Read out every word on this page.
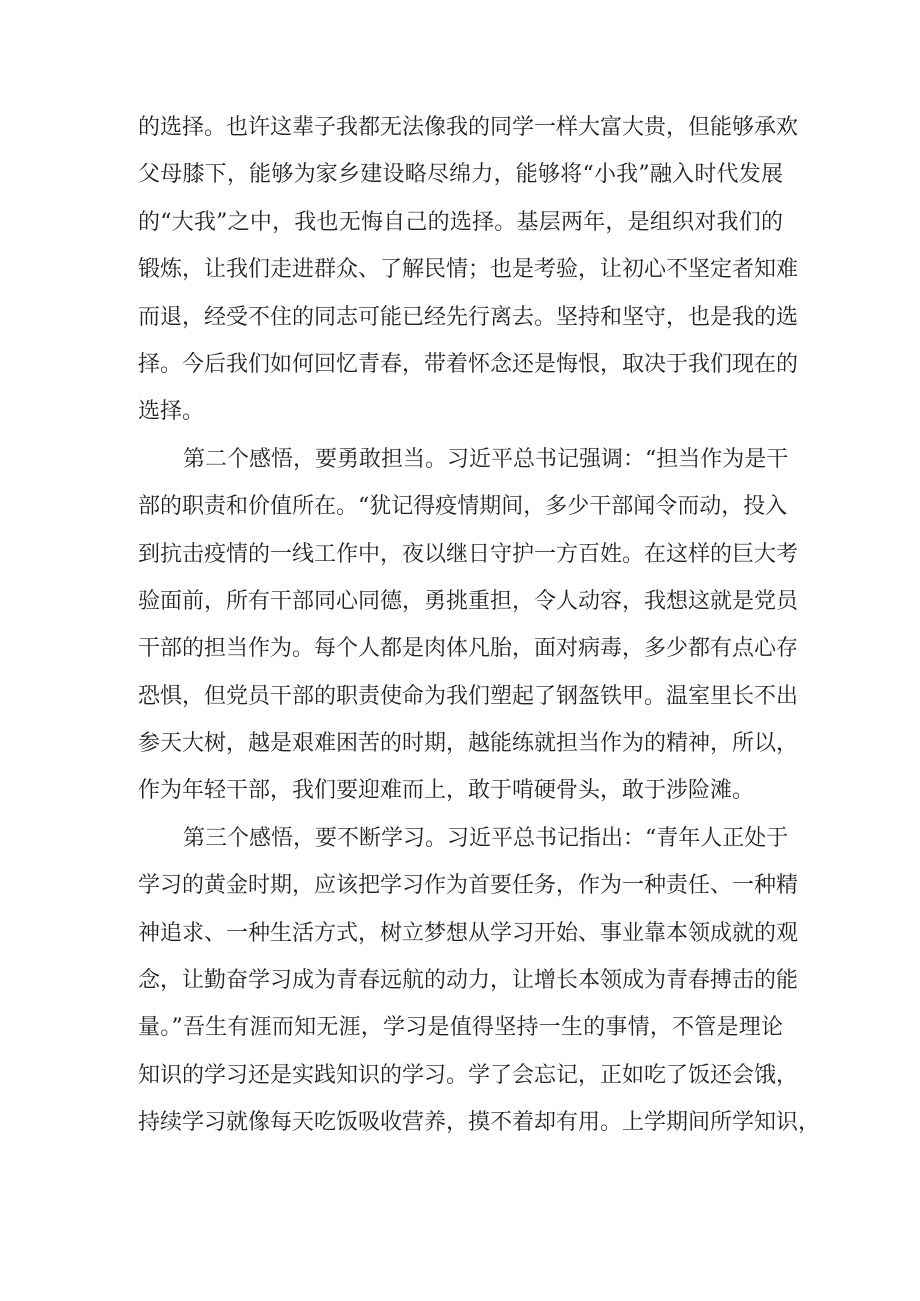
的选择。也许这辈子我都无法像我的同学一样大富大贵，但能够承欢
父母膝下，能够为家乡建设略尽绵力，能够将“小我”融入时代发展
的“大我”之中，我也无悔自己的选择。基层两年，是组织对我们的
锻炼，让我们走进群众、了解民情；也是考验，让初心不坚定者知难
而退，经受不住的同志可能已经先行离去。坚持和坚守，也是我的选
择。今后我们如何回忆青春，带着怀念还是悔恨，取决于我们现在的
选择。
第二个感悟，要勇敢担当。习近平总书记强调：“担当作为是干
部的职责和价值所在。“犹记得疫情期间，多少干部闻令而动，投入
到抗击疫情的一线工作中，夜以继日守护一方百姓。在这样的巨大考
验面前，所有干部同心同德，勇挑重担，令人动容，我想这就是党员
干部的担当作为。每个人都是肉体凡胎，面对病毒，多少都有点心存
恐惧，但党员干部的职责使命为我们塑起了钢盔铁甲。温室里长不出
参天大树，越是艰难困苦的时期，越能练就担当作为的精神，所以，
作为年轻干部，我们要迎难而上，敢于啃硬骨头，敢于涉险滩。
第三个感悟，要不断学习。习近平总书记指出：“青年人正处于
学习的黄金时期，应该把学习作为首要任务，作为一种责任、一种精
神追求、一种生活方式，树立梦想从学习开始、事业靠本领成就的观
念，让勤奋学习成为青春远航的动力，让增长本领成为青春搏击的能
量。”吾生有涯而知无涯，学习是值得坚持一生的事情，不管是理论
知识的学习还是实践知识的学习。学了会忘记，正如吃了饭还会饿，
持续学习就像每天吃饭吸收营养，摸不着却有用。上学期间所学知识，
